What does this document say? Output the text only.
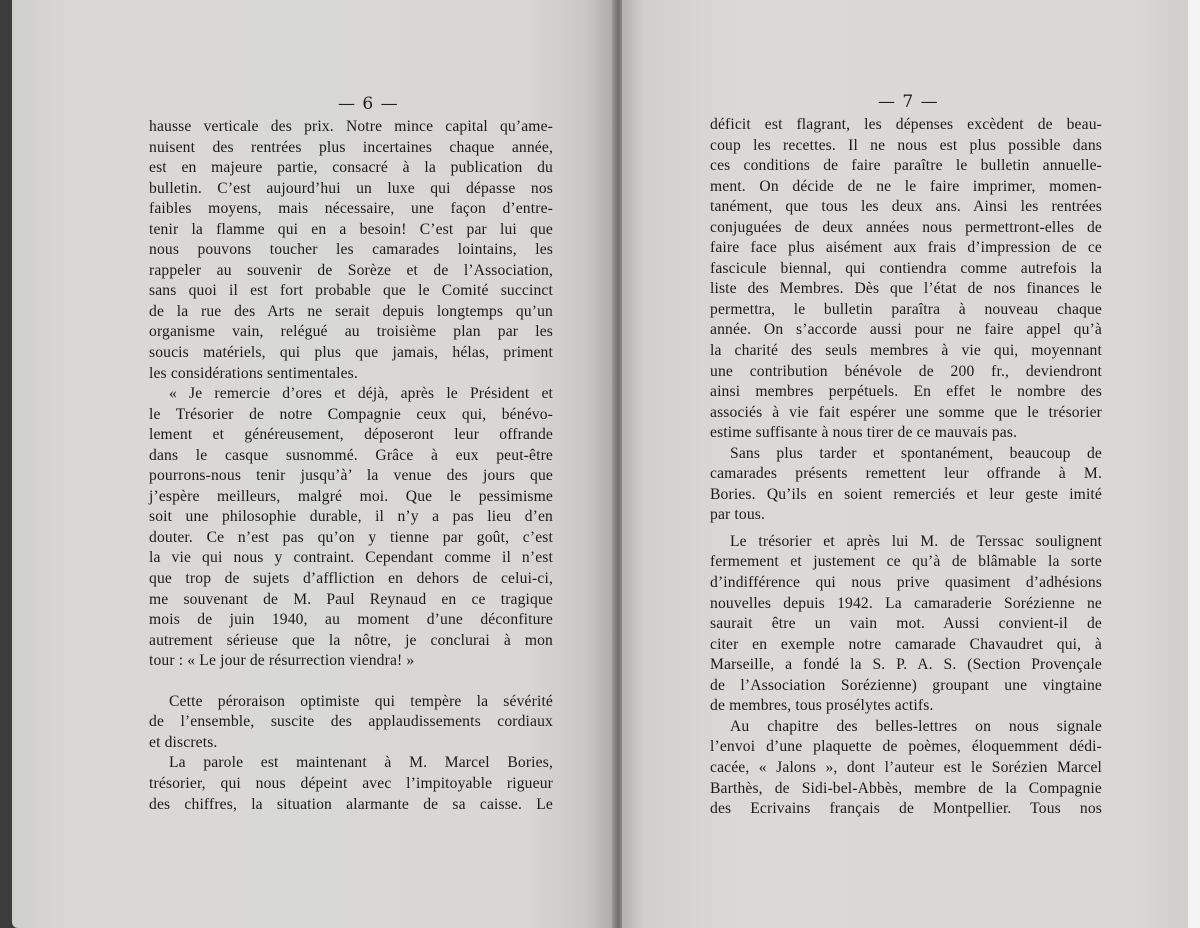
— 6 —
hausse verticale des prix. Notre mince capital qu’ame-
nuisent des rentrées plus incertaines chaque année,
est en majeure partie, consacré à la publication du
bulletin. C’est aujourd’hui un luxe qui dépasse nos
faibles moyens, mais nécessaire, une façon d’entre-
tenir la flamme qui en a besoin! C’est par lui que
nous pouvons toucher les camarades lointains, les
rappeler au souvenir de Sorèze et de l’Association,
sans quoi il est fort probable que le Comité succinct
de la rue des Arts ne serait depuis longtemps qu’un
organisme vain, relégué au troisième plan par les
soucis matériels, qui plus que jamais, hélas, priment
les considérations sentimentales.
« Je remercie d’ores et déjà, après le Président et
le Trésorier de notre Compagnie ceux qui, bénévo-
lement et généreusement, déposeront leur offrande
dans le casque susnommé. Grâce à eux peut-être
pourrons-nous tenir jusqu’à’ la venue des jours que
j’espère meilleurs, malgré moi. Que le pessimisme
soit une philosophie durable, il n’y a pas lieu d’en
douter. Ce n’est pas qu’on y tienne par goût, c’est
la vie qui nous y contraint. Cependant comme il n’est
que trop de sujets d’affliction en dehors de celui-ci,
me souvenant de M. Paul Reynaud en ce tragique
mois de juin 1940, au moment d’une déconfiture
autrement sérieuse que la nôtre, je conclurai à mon
tour : « Le jour de résurrection viendra! »
Cette péroraison optimiste qui tempère la sévérité
de l’ensemble, suscite des applaudissements cordiaux
et discrets.
La parole est maintenant à M. Marcel Bories,
trésorier, qui nous dépeint avec l’impitoyable rigueur
des chiffres, la situation alarmante de sa caisse. Le
— 7 —
déficit est flagrant, les dépenses excèdent de beau-
coup les recettes. Il ne nous est plus possible dans
ces conditions de faire paraître le bulletin annuelle-
ment. On décide de ne le faire imprimer, momen-
tanément, que tous les deux ans. Ainsi les rentrées
conjuguées de deux années nous permettront-elles de
faire face plus aisément aux frais d’impression de ce
fascicule biennal, qui contiendra comme autrefois la
liste des Membres. Dès que l’état de nos finances le
permettra, le bulletin paraîtra à nouveau chaque
année. On s’accorde aussi pour ne faire appel qu’à
la charité des seuls membres à vie qui, moyennant
une contribution bénévole de 200 fr., deviendront
ainsi membres perpétuels. En effet le nombre des
associés à vie fait espérer une somme que le trésorier
estime suffisante à nous tirer de ce mauvais pas.
Sans plus tarder et spontanément, beaucoup de
camarades présents remettent leur offrande à M.
Bories. Qu’ils en soient remerciés et leur geste imité
par tous.
Le trésorier et après lui M. de Terssac soulignent
fermement et justement ce qu’à de blâmable la sorte
d’indifférence qui nous prive quasiment d’adhésions
nouvelles depuis 1942. La camaraderie Sorézienne ne
saurait être un vain mot. Aussi convient-il de
citer en exemple notre camarade Chavaudret qui, à
Marseille, a fondé la S. P. A. S. (Section Provençale
de l’Association Sorézienne) groupant une vingtaine
de membres, tous prosélytes actifs.
Au chapitre des belles-lettres on nous signale
l’envoi d’une plaquette de poèmes, éloquemment dédi-
cacée, « Jalons », dont l’auteur est le Sorézien Marcel
Barthès, de Sidi-bel-Abbès, membre de la Compagnie
des Ecrivains français de Montpellier. Tous nos
